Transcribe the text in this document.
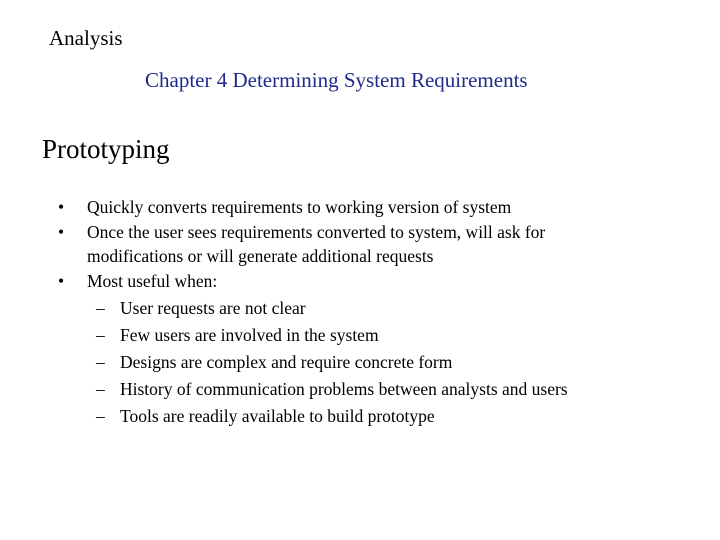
Analysis
Chapter 4 Determining System Requirements
Prototyping
• Quickly converts requirements to working version of system
• Once the user sees requirements converted to system, will ask for
modifications or will generate additional requests
• Most useful when:
– User requests are not clear
– Few users are involved in the system
– Designs are complex and require concrete form
– History of communication problems between analysts and users
– Tools are readily available to build prototype
